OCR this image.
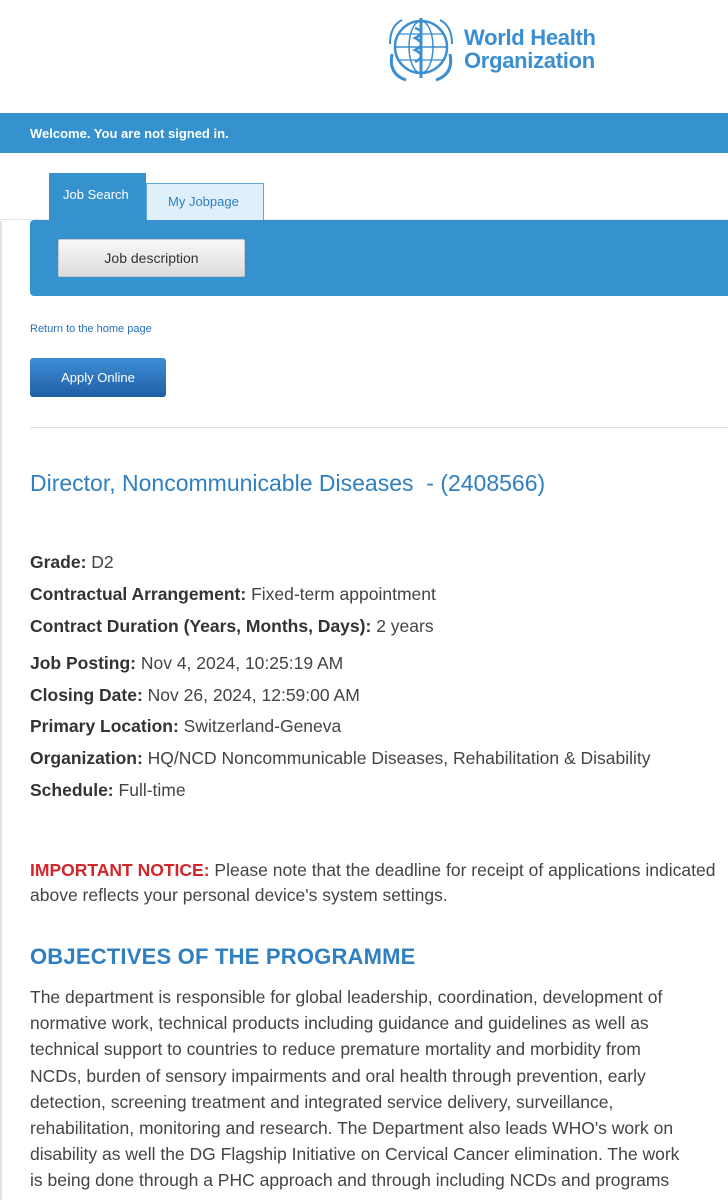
World Health
Organization
Welcome. You are not signed in.
Job Search	My Jobpage
Job description
Return to the home page
Apply Online
Director, Noncommunicable Diseases  - (2408566)
Grade: D2
Contractual Arrangement: Fixed-term appointment
Contract Duration (Years, Months, Days): 2 years
Job Posting: Nov 4, 2024, 10:25:19 AM
Closing Date: Nov 26, 2024, 12:59:00 AM
Primary Location: Switzerland-Geneva
Organization: HQ/NCD Noncommunicable Diseases, Rehabilitation & Disability
Schedule: Full-time
IMPORTANT NOTICE: Please note that the deadline for receipt of applications indicated above reflects your personal device's system settings.
OBJECTIVES OF THE PROGRAMME
The department is responsible for global leadership, coordination, development of
normative work, technical products including guidance and guidelines as well as
technical support to countries to reduce premature mortality and morbidity from
NCDs, burden of sensory impairments and oral health through prevention, early
detection, screening treatment and integrated service delivery, surveillance,
rehabilitation, monitoring and research. The Department also leads WHO's work on
disability as well the DG Flagship Initiative on Cervical Cancer elimination. The work
is being done through a PHC approach and through including NCDs and programs
